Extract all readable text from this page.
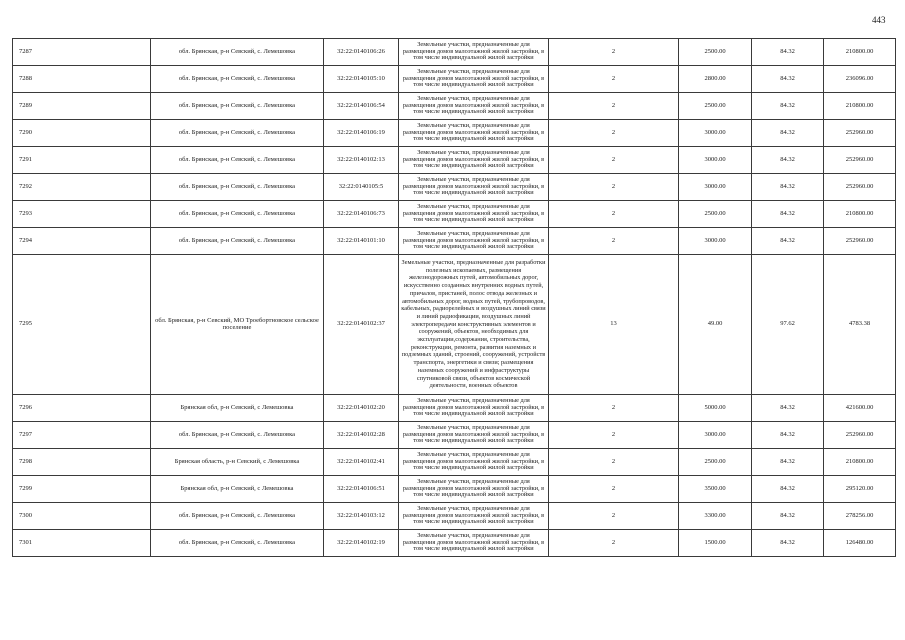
443
7287	обл. Брянская, р-н Севский, с. Лемешовка	32:22:0140106:26	Земельные участки, предназначенные для размещения домов малоэтажной жилой застройки, в том числе индивидуальной жилой застройки	2	2500.00	84.32	210800.00
7288	обл. Брянская, р-н Севский, с. Лемешовка	32:22:0140105:10	Земельные участки, предназначенные для размещения домов малоэтажной жилой застройки, в том числе индивидуальной жилой застройки	2	2800.00	84.32	236096.00
7289	обл. Брянская, р-н Севский, с. Лемешовка	32:22:0140106:54	Земельные участки, предназначенные для размещения домов малоэтажной жилой застройки, в том числе индивидуальной жилой застройки	2	2500.00	84.32	210800.00
7290	обл. Брянская, р-н Севский, с. Лемешовка	32:22:0140106:19	Земельные участки, предназначенные для размещения домов малоэтажной жилой застройки, в том числе индивидуальной жилой застройки	2	3000.00	84.32	252960.00
7291	обл. Брянская, р-н Севский, с. Лемешовка	32:22:0140102:13	Земельные участки, предназначенные для размещения домов малоэтажной жилой застройки, в том числе индивидуальной жилой застройки	2	3000.00	84.32	252960.00
7292	обл. Брянская, р-н Севский, с. Лемешовка	32:22:0140105:5	Земельные участки, предназначенные для размещения домов малоэтажной жилой застройки, в том числе индивидуальной жилой застройки	2	3000.00	84.32	252960.00
7293	обл. Брянская, р-н Севский, с. Лемешовка	32:22:0140106:73	Земельные участки, предназначенные для размещения домов малоэтажной жилой застройки, в том числе индивидуальной жилой застройки	2	2500.00	84.32	210800.00
7294	обл. Брянская, р-н Севский, с. Лемешовка	32:22:0140101:10	Земельные участки, предназначенные для размещения домов малоэтажной жилой застройки, в том числе индивидуальной жилой застройки	2	3000.00	84.32	252960.00
7295	обл. Брянская, р-н Севский, МО Троебортновское сельское поселение	32:22:0140102:37	Земельные участки, предназначенные для разработки полезных ископаемых, размещения железнодорожных путей, автомобильных дорог, искусственно созданных внутренних водных путей, причалов, пристаней, полос отвода железных и автомобильных дорог, водных путей, трубопроводов, кабельных, радиорелейных и воздушных линий связи и линий радиофикации, воздушных линий электропередачи конструктивных элементов и сооружений, объектов, необходимых для эксплуатации,содержания, строительства, реконструкции, ремонта, развития наземных и подземных зданий, строений, сооружений, устройств транспорта, энергетики и связи; размещения наземных сооружений и инфраструктуры спутниковой связи, объектов космической деятельности, военных объектов	13	49.00	97.62	4783.38
7296	Брянская обл, р-н Севский, с Лемешовка	32:22:0140102:20	Земельные участки, предназначенные для размещения домов малоэтажной жилой застройки, в том числе индивидуальной жилой застройки	2	5000.00	84.32	421600.00
7297	обл. Брянская, р-н Севский, с. Лемешовка	32:22:0140102:28	Земельные участки, предназначенные для размещения домов малоэтажной жилой застройки, в том числе индивидуальной жилой застройки	2	3000.00	84.32	252960.00
7298	Брянская область, р-н Севский, с Лемешовка	32:22:0140102:41	Земельные участки, предназначенные для размещения домов малоэтажной жилой застройки, в том числе индивидуальной жилой застройки	2	2500.00	84.32	210800.00
7299	Брянская обл, р-н Севский, с Лемешовка	32:22:0140106:51	Земельные участки, предназначенные для размещения домов малоэтажной жилой застройки, в том числе индивидуальной жилой застройки	2	3500.00	84.32	295120.00
7300	обл. Брянская, р-н Севский, с. Лемешовка	32:22:0140103:12	Земельные участки, предназначенные для размещения домов малоэтажной жилой застройки, в том числе индивидуальной жилой застройки	2	3300.00	84.32	278256.00
7301	обл. Брянская, р-н Севский, с. Лемешовка	32:22:0140102:19	Земельные участки, предназначенные для размещения домов малоэтажной жилой застройки, в том числе индивидуальной жилой застройки	2	1500.00	84.32	126480.00
